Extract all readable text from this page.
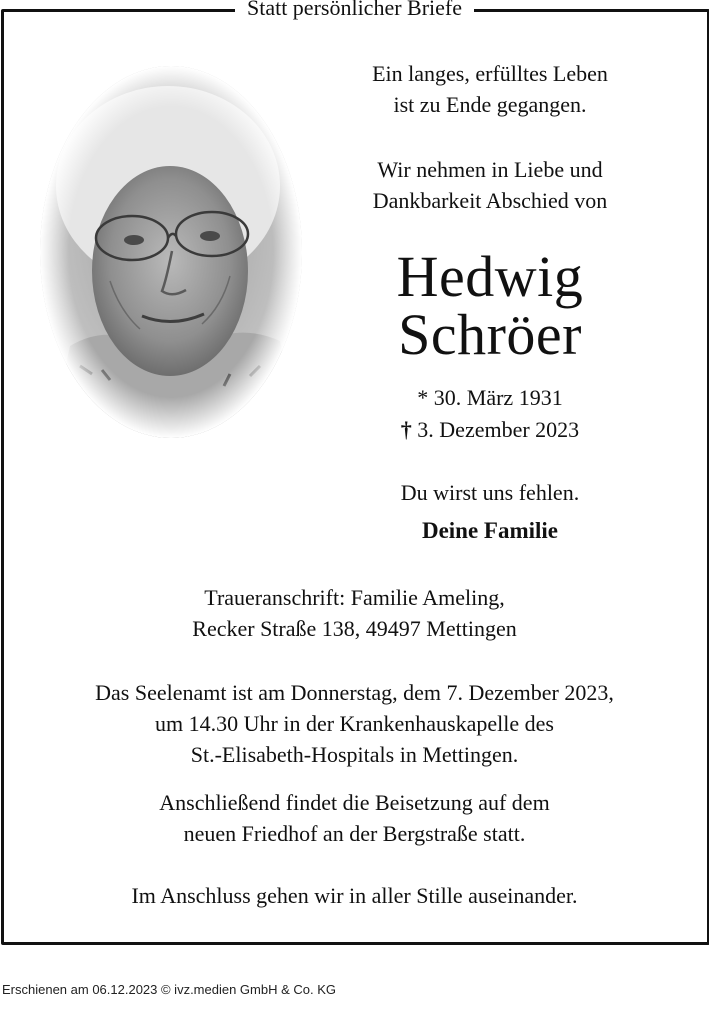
Statt persönlicher Briefe
Ein langes, erfülltes Leben
ist zu Ende gegangen.
Wir nehmen in Liebe und
Dankbarkeit Abschied von
Hedwig
Schröer
* 30. März 1931
† 3. Dezember 2023
Du wirst uns fehlen.
Deine Familie
Traueranschrift: Familie Ameling,
Recker Straße 138, 49497 Mettingen
Das Seelenamt ist am Donnerstag, dem 7. Dezember 2023,
um 14.30 Uhr in der Krankenhauskapelle des
St.-Elisabeth-Hospitals in Mettingen.
Anschließend findet die Beisetzung auf dem
neuen Friedhof an der Bergstraße statt.
Im Anschluss gehen wir in aller Stille auseinander.
Erschienen am 06.12.2023 © ivz.medien GmbH & Co. KG
